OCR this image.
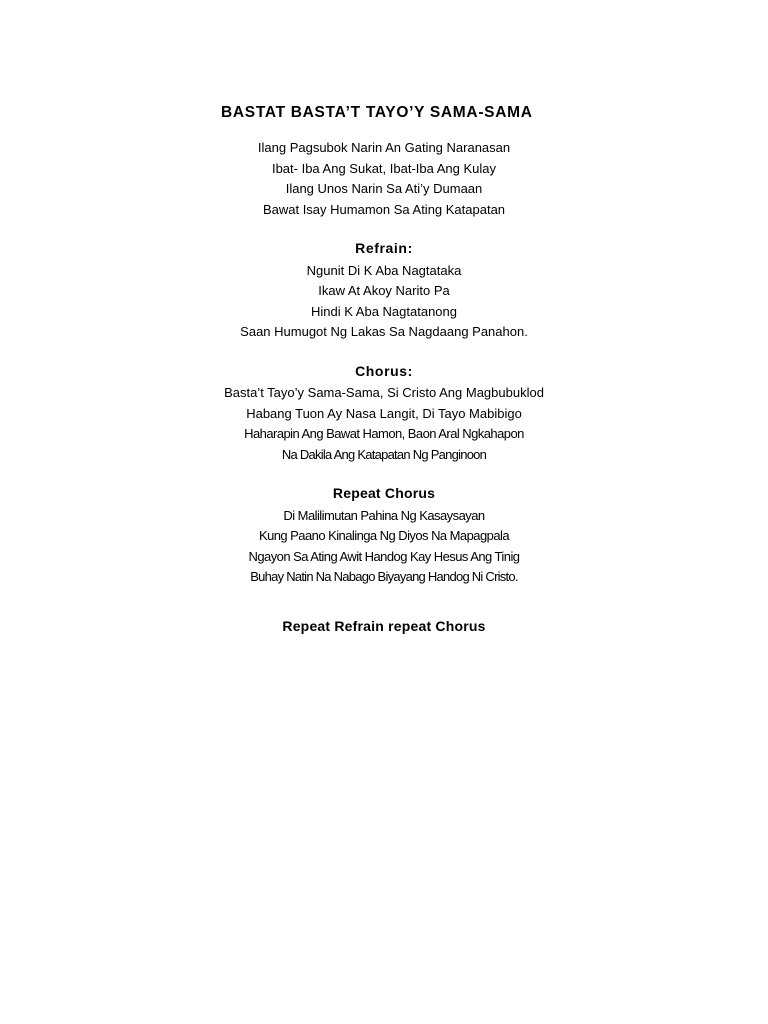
BASTAT BASTA’T TAYO’Y SAMA-SAMA
Ilang Pagsubok Narin An Gating Naranasan
Ibat- Iba Ang Sukat, Ibat-Iba Ang Kulay
Ilang Unos Narin Sa Ati’y Dumaan
Bawat Isay Humamon Sa Ating Katapatan
Refrain:
Ngunit Di K Aba Nagtataka
Ikaw At Akoy Narito Pa
Hindi K Aba Nagtatanong
Saan Humugot Ng Lakas Sa Nagdaang Panahon.
Chorus:
Basta’t Tayo’y Sama-Sama, Si Cristo Ang Magbubuklod
Habang Tuon Ay Nasa Langit, Di Tayo Mabibigo
Haharapin Ang Bawat Hamon, Baon Aral Ngkahapon
Na Dakila Ang Katapatan Ng Panginoon
Repeat Chorus
Di Malilimutan Pahina Ng Kasaysayan
Kung Paano Kinalinga Ng Diyos Na Mapagpala
Ngayon Sa Ating Awit Handog Kay Hesus Ang Tinig
Buhay Natin Na Nabago Biyayang Handog Ni Cristo.
Repeat Refrain repeat Chorus
